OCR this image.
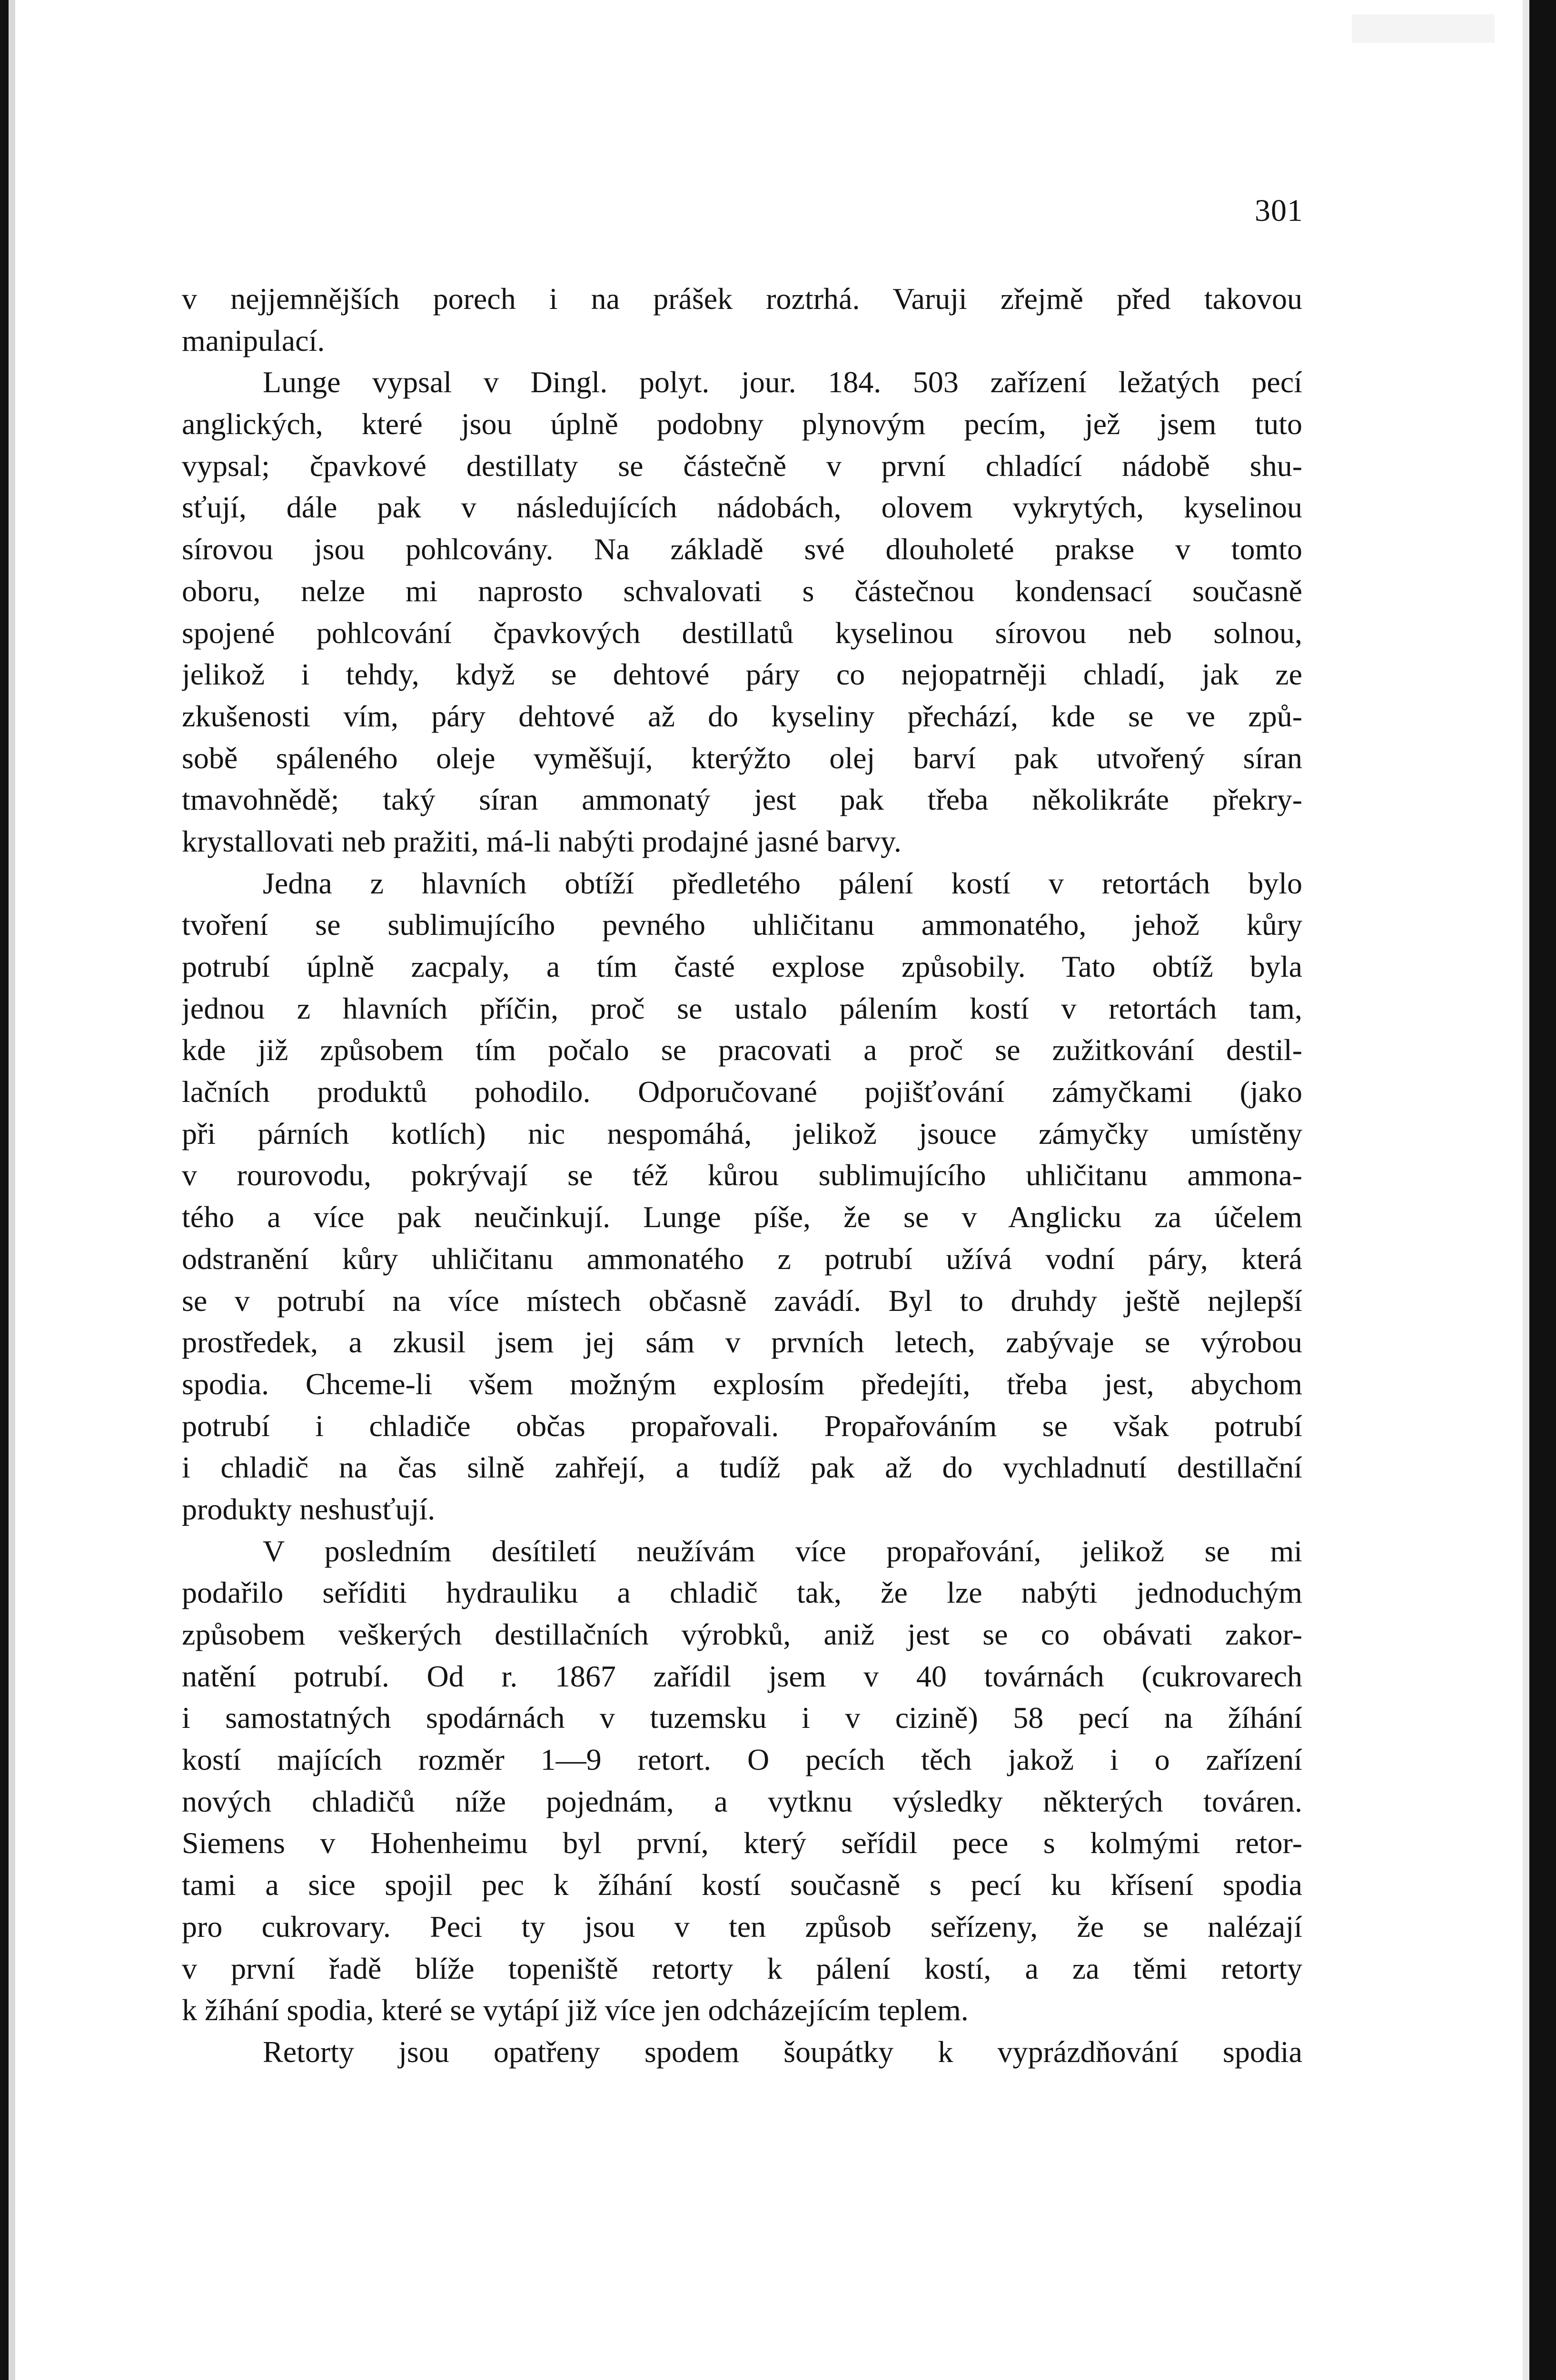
301
v nejjemnějších porech i na prášek roztrhá. Varuji zřejmě před takovou
manipulací.
Lunge vypsal v Dingl. polyt. jour. 184. 503 zařízení ležatých pecí
anglických, které jsou úplně podobny plynovým pecím, jež jsem tuto
vypsal; čpavkové destillaty se částečně v první chladící nádobě shu-
sťují, dále pak v následujících nádobách, olovem vykrytých, kyselinou
sírovou jsou pohlcovány. Na základě své dlouholeté prakse v tomto
oboru, nelze mi naprosto schvalovati s částečnou kondensací současně
spojené pohlcování čpavkových destillatů kyselinou sírovou neb solnou,
jelikož i tehdy, když se dehtové páry co nejopatrněji chladí, jak ze
zkušenosti vím, páry dehtové až do kyseliny přechází, kde se ve způ-
sobě spáleného oleje vyměšují, kterýžto olej barví pak utvořený síran
tmavohnědě; taký síran ammonatý jest pak třeba několikráte překry-
krystallovati neb pražiti, má-li nabýti prodajné jasné barvy.
Jedna z hlavních obtíží předletého pálení kostí v retortách bylo
tvoření se sublimujícího pevného uhličitanu ammonatého, jehož kůry
potrubí úplně zacpaly, a tím časté explose způsobily. Tato obtíž byla
jednou z hlavních příčin, proč se ustalo pálením kostí v retortách tam,
kde již způsobem tím počalo se pracovati a proč se zužitkování destil-
lačních produktů pohodilo. Odporučované pojišťování zámyčkami (jako
při párních kotlích) nic nespomáhá, jelikož jsouce zámyčky umístěny
v rourovodu, pokrývají se též kůrou sublimujícího uhličitanu ammona-
tého a více pak neučinkují. Lunge píše, že se v Anglicku za účelem
odstranění kůry uhličitanu ammonatého z potrubí užívá vodní páry, která
se v potrubí na více místech občasně zavádí. Byl to druhdy ještě nejlepší
prostředek, a zkusil jsem jej sám v prvních letech, zabývaje se výrobou
spodia. Chceme-li všem možným explosím předejíti, třeba jest, abychom
potrubí i chladiče občas propařovali. Propařováním se však potrubí
i chladič na čas silně zahřejí, a tudíž pak až do vychladnutí destillační
produkty neshusťují.
V posledním desítiletí neužívám více propařování, jelikož se mi
podařilo seříditi hydrauliku a chladič tak, že lze nabýti jednoduchým
způsobem veškerých destillačních výrobků, aniž jest se co obávati zakor-
natění potrubí. Od r. 1867 zařídil jsem v 40 továrnách (cukrovarech
i samostatných spodárnách v tuzemsku i v cizině) 58 pecí na žíhání
kostí majících rozměr 1—9 retort. O pecích těch jakož i o zařízení
nových chladičů níže pojednám, a vytknu výsledky některých továren.
Siemens v Hohenheimu byl první, který seřídil pece s kolmými retor-
tami a sice spojil pec k žíhání kostí současně s pecí ku křísení spodia
pro cukrovary. Peci ty jsou v ten způsob seřízeny, že se nalézají
v první řadě blíže topeniště retorty k pálení kostí, a za těmi retorty
k žíhání spodia, které se vytápí již více jen odcházejícím teplem.
Retorty jsou opatřeny spodem šoupátky k vyprázdňování spodia
